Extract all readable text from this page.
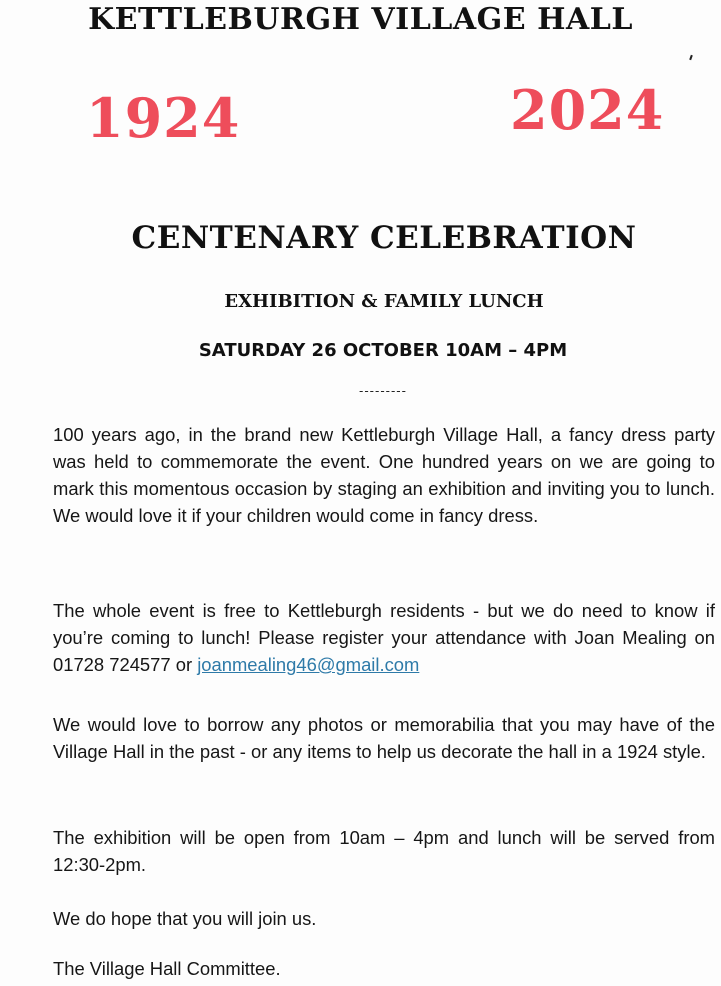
KETTLEBURGH VILLAGE HALL
1924	2024
CENTENARY CELEBRATION
EXHIBITION & FAMILY LUNCH
SATURDAY 26 OCTOBER 10AM – 4PM
---------

100 years ago, in the brand new Kettleburgh Village Hall, a fancy dress party was held to commemorate the event. One hundred years on we are going to mark this momentous occasion by staging an exhibition and inviting you to lunch. We would love it if your children would come in fancy dress.

The whole event is free to Kettleburgh residents - but we do need to know if you’re coming to lunch! Please register your attendance with Joan Mealing on 01728 724577 or joanmealing46@gmail.com

We would love to borrow any photos or memorabilia that you may have of the Village Hall in the past - or any items to help us decorate the hall in a 1924 style.

The exhibition will be open from 10am – 4pm and lunch will be served from 12:30-2pm.

We do hope that you will join us.

The Village Hall Committee.
